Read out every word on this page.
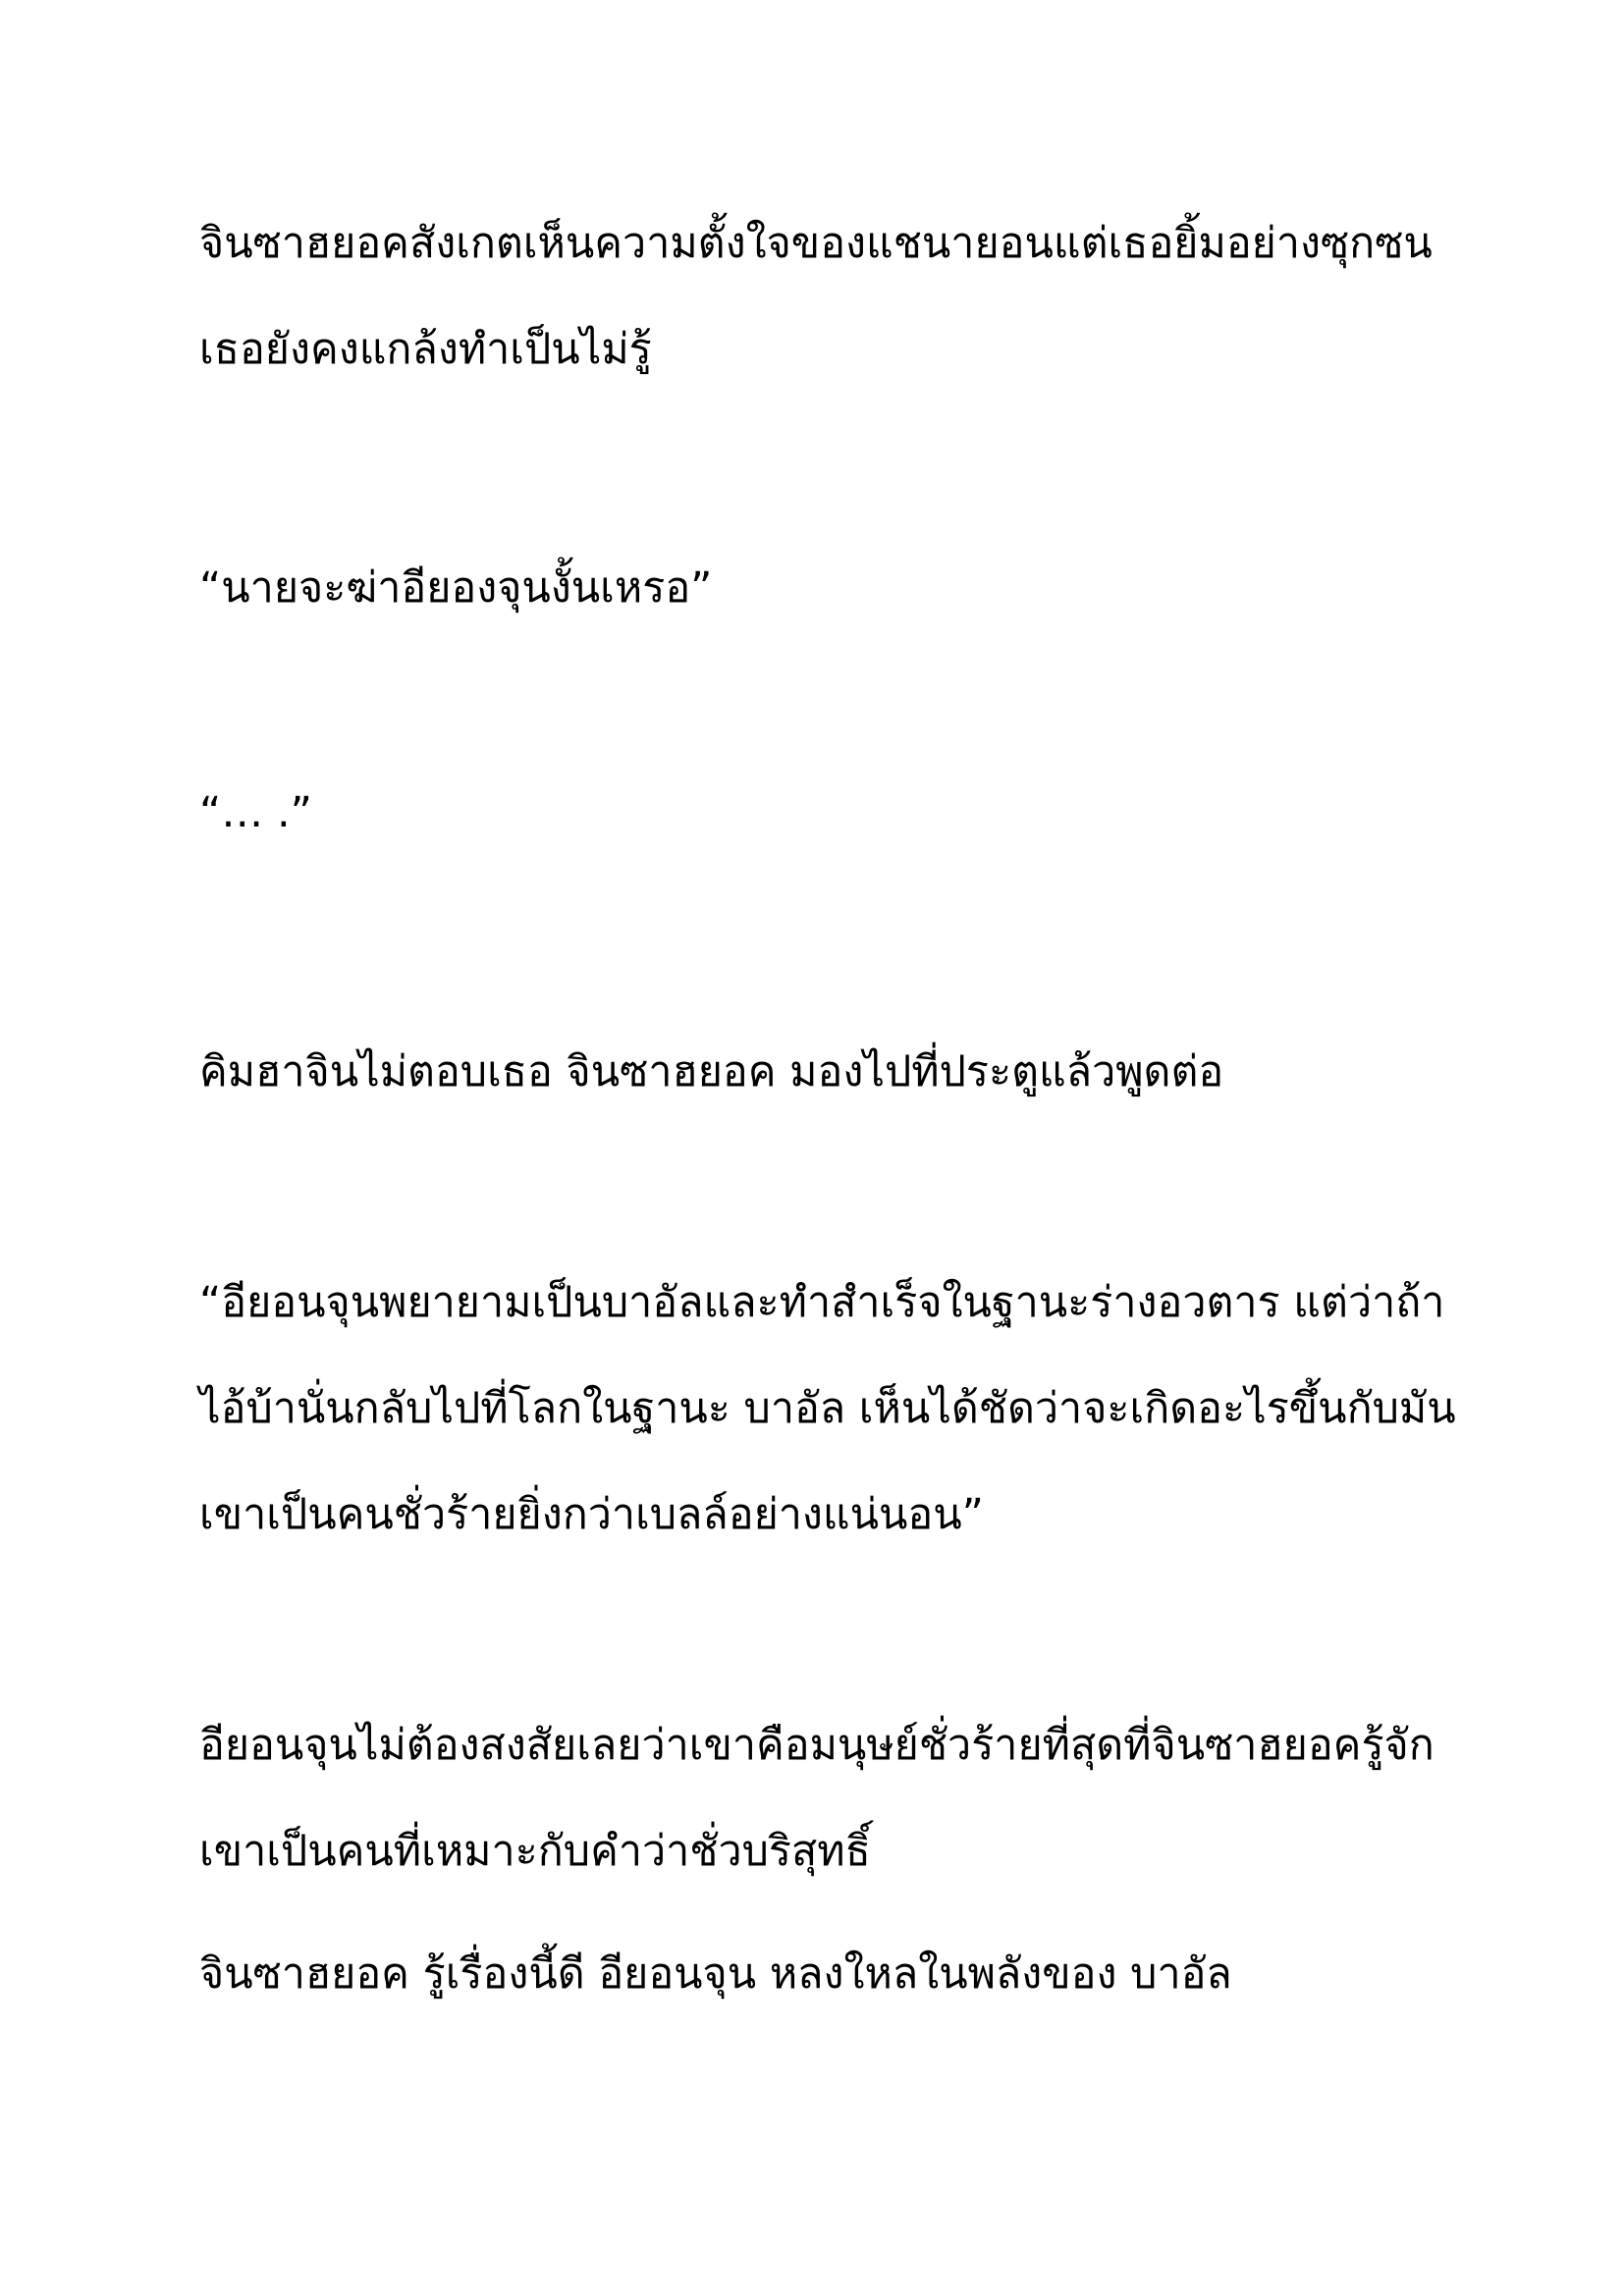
จินซาฮยอคสังเกตเห็นความตั้งใจของแชนายอนแต่เธอยิ้มอย่างซุกซน
เธอยังคงแกล้งทำเป็นไม่รู้
“นายจะฆ่าอียองจุนงั้นเหรอ”
“… .”
คิมฮาจินไม่ตอบเธอ จินซาฮยอค มองไปที่ประตูแล้วพูดต่อ
“อียอนจุนพยายามเป็นบาอัลและทำสำเร็จในฐานะร่างอวตาร แต่ว่าถ้า
ไอ้บ้านั่นกลับไปที่โลกในฐานะ บาอัล เห็นได้ชัดว่าจะเกิดอะไรขึ้นกับมัน
เขาเป็นคนชั่วร้ายยิ่งกว่าเบลล์อย่างแน่นอน”
อียอนจุนไม่ต้องสงสัยเลยว่าเขาคือมนุษย์ชั่วร้ายที่สุดที่จินซาฮยอครู้จัก
เขาเป็นคนที่เหมาะกับคำว่าชั่วบริสุทธิ์
จินซาฮยอค รู้เรื่องนี้ดี อียอนจุน หลงใหลในพลังของ บาอัล
